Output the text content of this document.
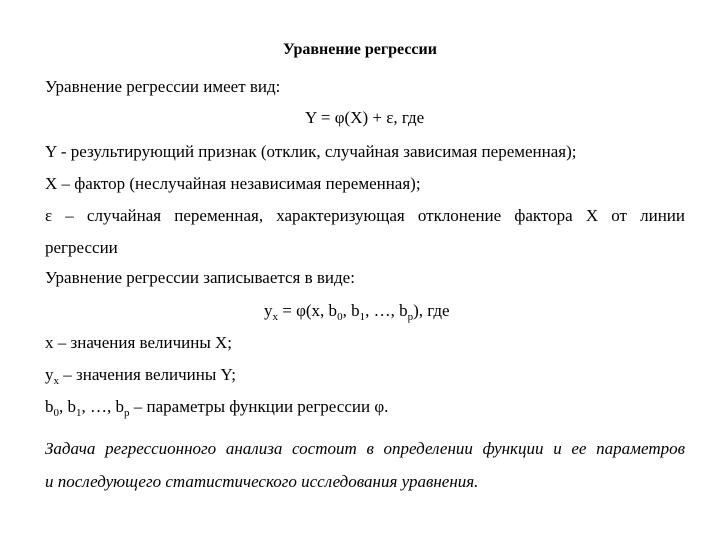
Уравнение регрессии
Уравнение регрессии имеет вид:
Y = φ(X) + ε, где
Y - результирующий признак (отклик, случайная зависимая переменная);
X – фактор (неслучайная независимая переменная);
ε – случайная переменная, характеризующая отклонение фактора X от линии
регрессии
Уравнение регрессии записывается в виде:
$y_x = \varphi(x$, $b_0$, $b_1$, …, $b_p$), где
x – значения величины X;
$y_x$ – значения величины Y;
$b_0$, $b_1$, …, $b_p$ – параметры функции регрессии φ.
Задача регрессионного анализа состоит в определении функции и ее параметров
и последующего статистического исследования уравнения.
